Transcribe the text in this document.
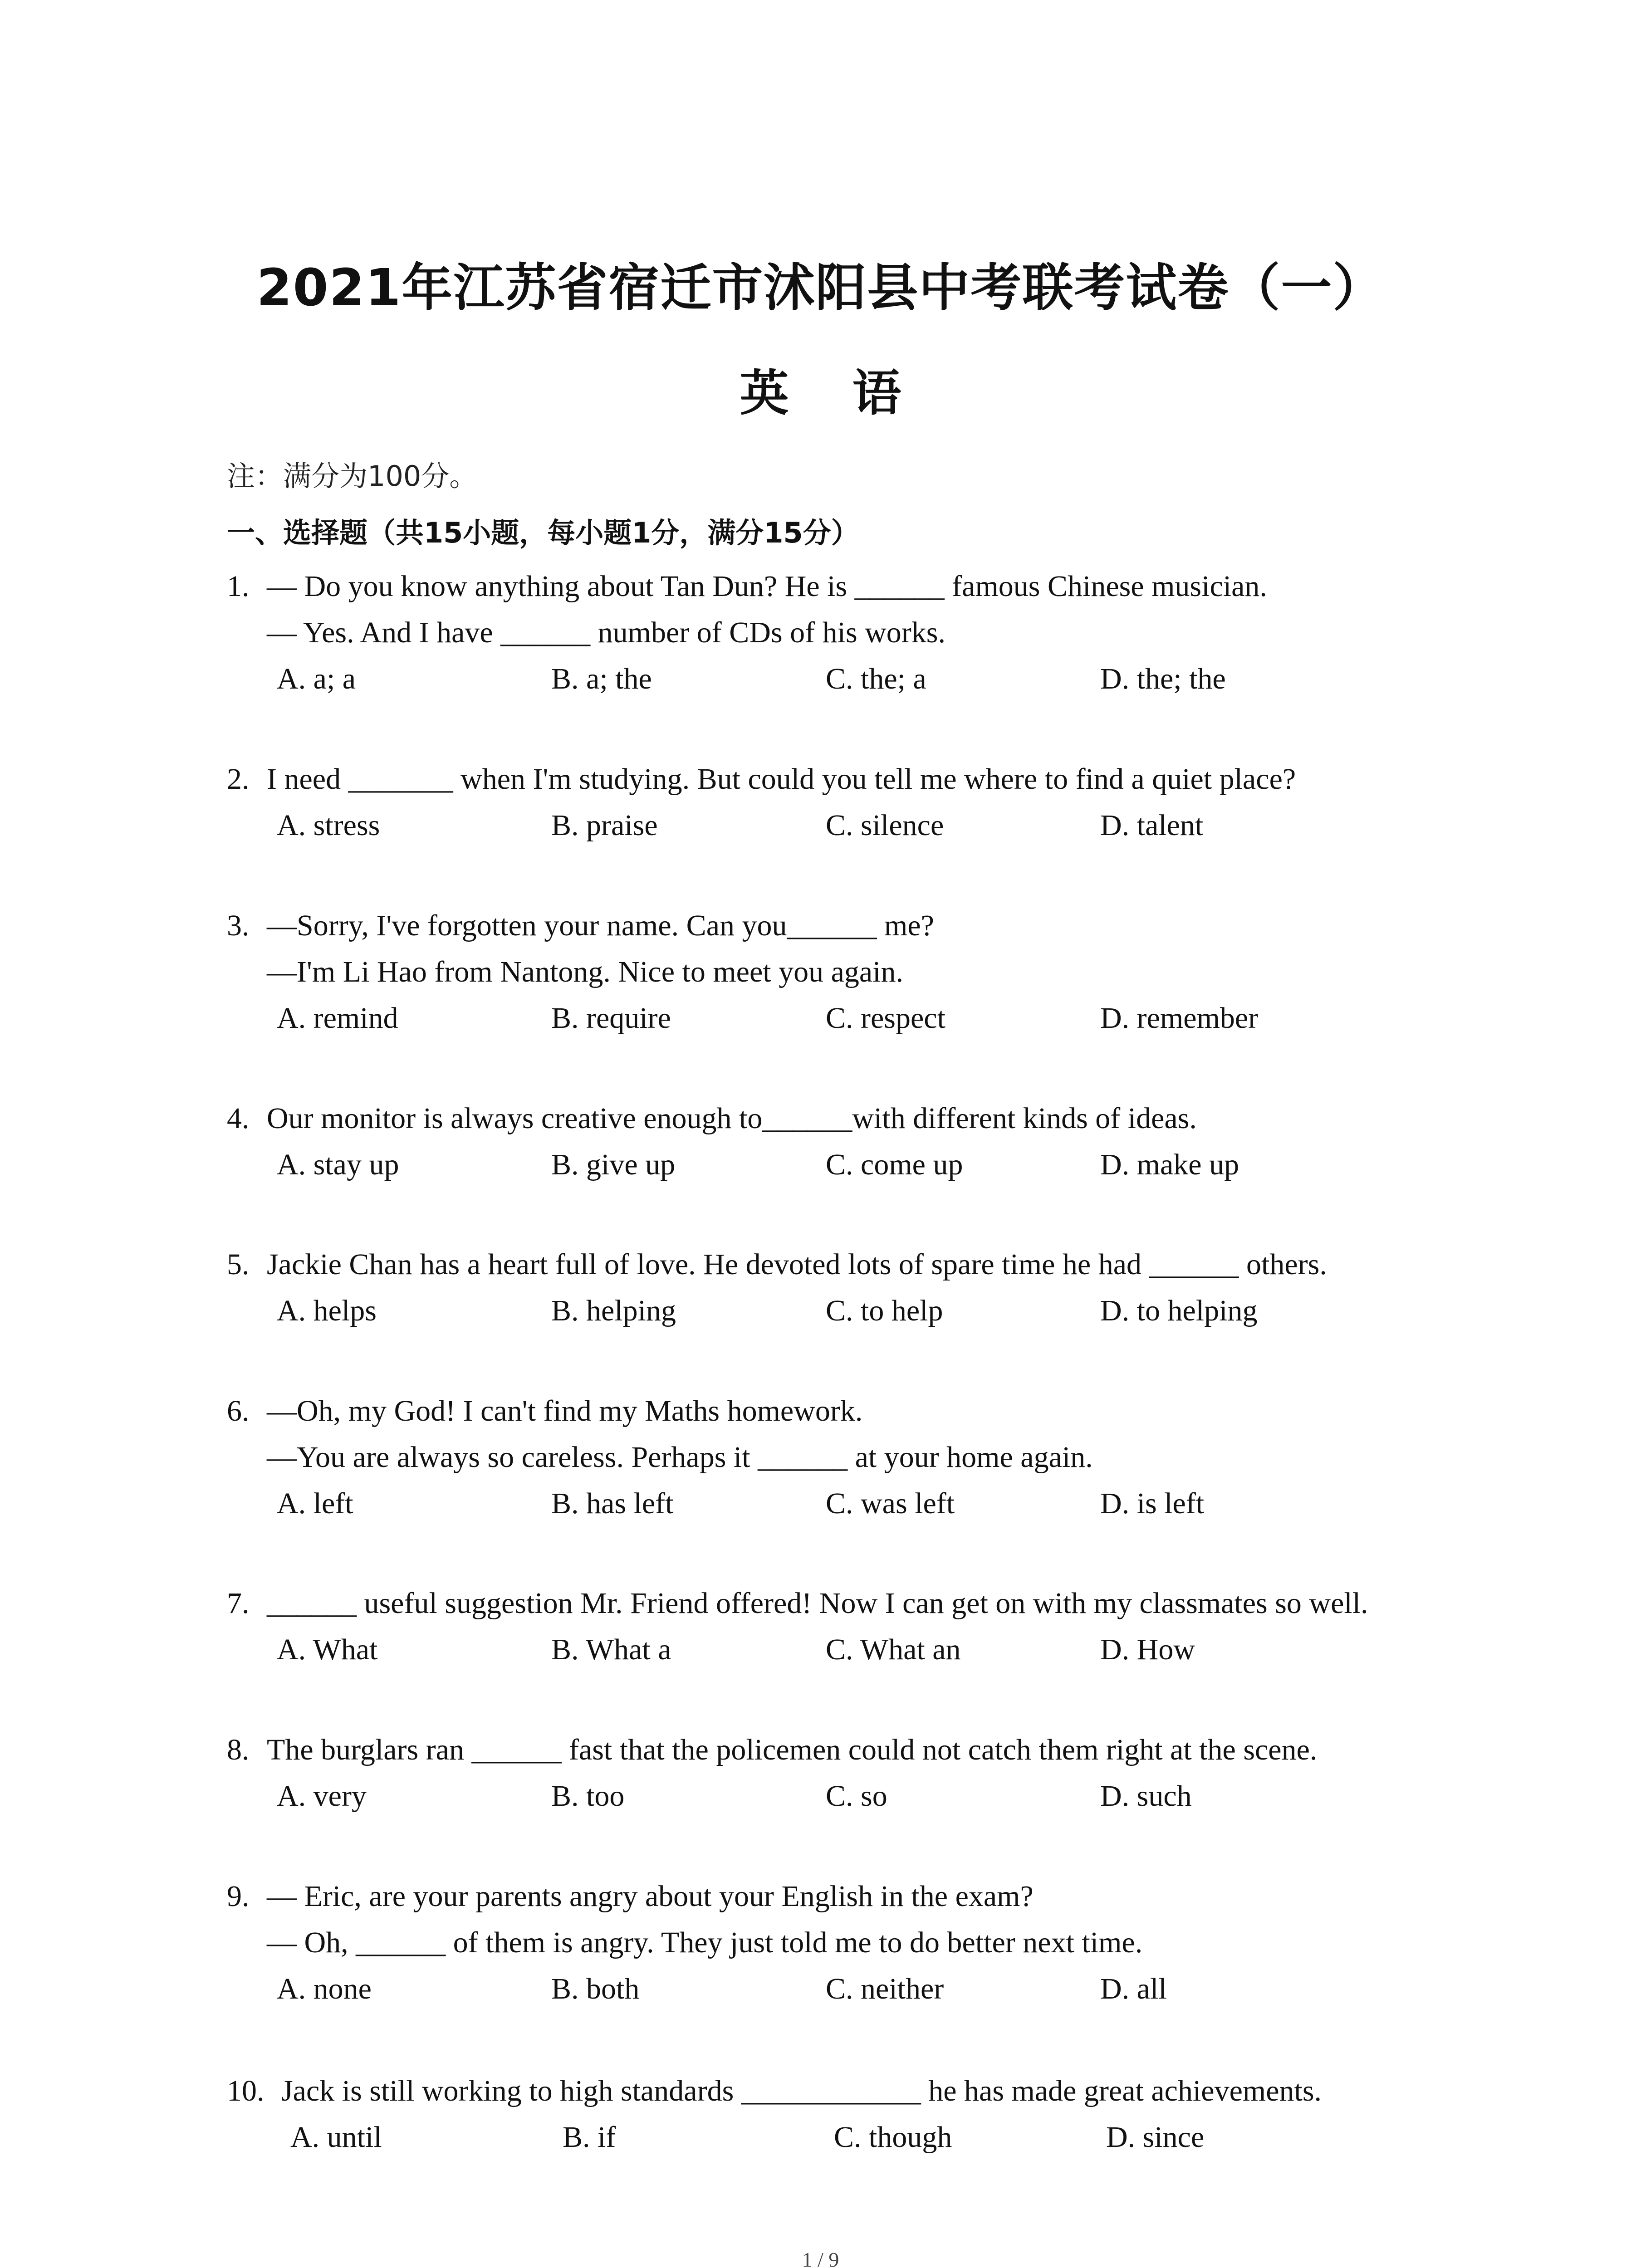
2021年江苏省宿迁市沭阳县中考联考试卷（一）
英语
注：满分为100分。
一、选择题（共15小题，每小题1分，满分15分）
1. — Do you know anything about Tan Dun? He is ______ famous Chinese musician.
— Yes. And I have ______ number of CDs of his works.
A. a; a	B. a; the	C. the; a	D. the; the
2. I need _______ when I'm studying. But could you tell me where to find a quiet place?
A. stress	B. praise	C. silence	D. talent
3. —Sorry, I've forgotten your name. Can you______ me?
—I'm Li Hao from Nantong. Nice to meet you again.
A. remind	B. require	C. respect	D. remember
4. Our monitor is always creative enough to______with different kinds of ideas.
A. stay up	B. give up	C. come up	D. make up
5. Jackie Chan has a heart full of love. He devoted lots of spare time he had ______ others.
A. helps	B. helping	C. to help	D. to helping
6. —Oh, my God! I can't find my Maths homework.
—You are always so careless. Perhaps it ______ at your home again.
A. left	B. has left	C. was left	D. is left
7. ______ useful suggestion Mr. Friend offered! Now I can get on with my classmates so well.
A. What	B. What a	C. What an	D. How
8. The burglars ran ______ fast that the policemen could not catch them right at the scene.
A. very	B. too	C. so	D. such
9. — Eric, are your parents angry about your English in the exam?
— Oh, ______ of them is angry. They just told me to do better next time.
A. none	B. both	C. neither	D. all
10. Jack is still working to high standards ____________ he has made great achievements.
A. until	B. if	C. though	D. since
1 / 9
